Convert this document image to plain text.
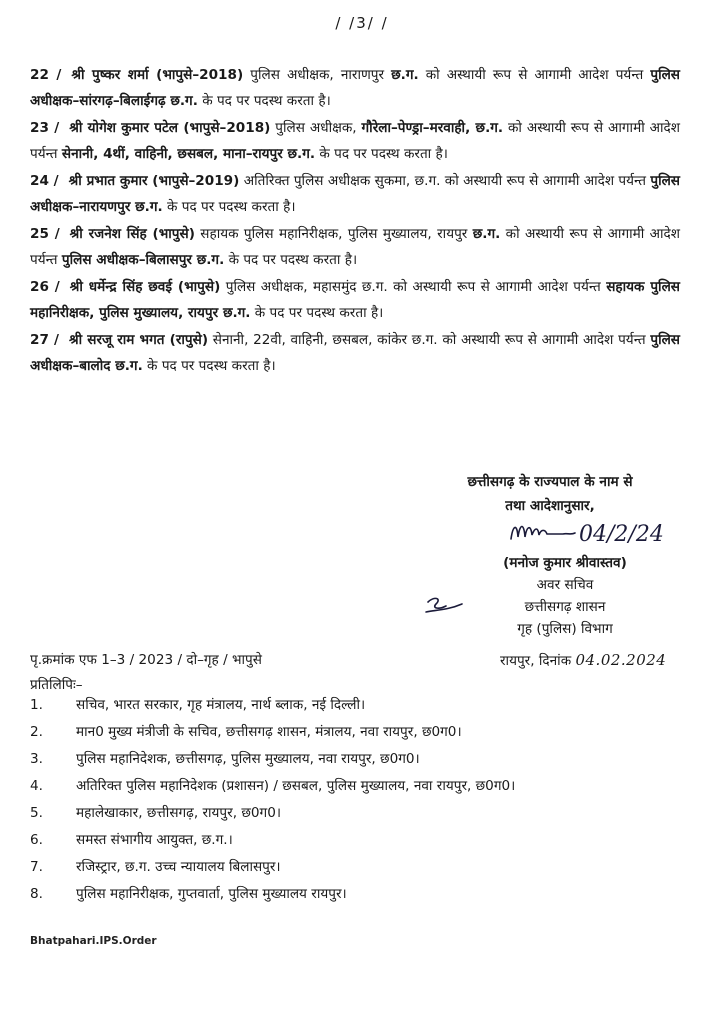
/ /3/ /
22 / श्री पुष्कर शर्मा (भापुसे–2018) पुलिस अधीक्षक, नाराणपुर छ.ग. को अस्थायी रूप से आगामी आदेश पर्यन्त पुलिस अधीक्षक–सांरगढ़–बिलाईगढ़ छ.ग. के पद पर पदस्थ करता है।
23 / श्री योगेश कुमार पटेल (भापुसे–2018) पुलिस अधीक्षक, गौरेला–पेण्ड्रा–मरवाही, छ.ग. को अस्थायी रूप से आगामी आदेश पर्यन्त सेनानी, 4थीं, वाहिनी, छसबल, माना–रायपुर छ.ग. के पद पर पदस्थ करता है।
24 / श्री प्रभात कुमार (भापुसे–2019) अतिरिक्त पुलिस अधीक्षक सुकमा, छ.ग. को अस्थायी रूप से आगामी आदेश पर्यन्त पुलिस अधीक्षक–नारायणपुर छ.ग. के पद पर पदस्थ करता है।
25 / श्री रजनेश सिंह (भापुसे) सहायक पुलिस महानिरीक्षक, पुलिस मुख्यालय, रायपुर छ.ग. को अस्थायी रूप से आगामी आदेश पर्यन्त पुलिस अधीक्षक–बिलासपुर छ.ग. के पद पर पदस्थ करता है।
26 / श्री धर्मेन्द्र सिंह छवई (भापुसे) पुलिस अधीक्षक, महासमुंद छ.ग. को अस्थायी रूप से आगामी आदेश पर्यन्त सहायक पुलिस महानिरीक्षक, पुलिस मुख्यालय, रायपुर छ.ग. के पद पर पदस्थ करता है।
27 / श्री सरजू राम भगत (रापुसे) सेनानी, 22वी, वाहिनी, छसबल, कांकेर छ.ग. को अस्थायी रूप से आगामी आदेश पर्यन्त पुलिस अधीक्षक–बालोद छ.ग. के पद पर पदस्थ करता है।
छत्तीसगढ़ के राज्यपाल के नाम से
तथा आदेशानुसार,
04/2/24
(मनोज कुमार श्रीवास्तव)
अवर सचिव
छत्तीसगढ़ शासन
गृह (पुलिस) विभाग
पृ.क्रमांक एफ 1–3 / 2023 / दो–गृह / भापुसे	रायपुर, दिनांक 04.02.2024
प्रतिलिपिः–
1. सचिव, भारत सरकार, गृह मंत्रालय, नार्थ ब्लाक, नई दिल्ली।
2. मान0 मुख्य मंत्रीजी के सचिव, छत्तीसगढ़ शासन, मंत्रालय, नवा रायपुर, छ0ग0।
3. पुलिस महानिदेशक, छत्तीसगढ़, पुलिस मुख्यालय, नवा रायपुर, छ0ग0।
4. अतिरिक्त पुलिस महानिदेशक (प्रशासन) / छसबल, पुलिस मुख्यालय, नवा रायपुर, छ0ग0।
5. महालेखाकार, छत्तीसगढ़, रायपुर, छ0ग0।
6. समस्त संभागीय आयुक्त, छ.ग.।
7. रजिस्ट्रार, छ.ग. उच्च न्यायालय बिलासपुर।
8. पुलिस महानिरीक्षक, गुप्तवार्ता, पुलिस मुख्यालय रायपुर।
Bhatpahari.IPS.Order
